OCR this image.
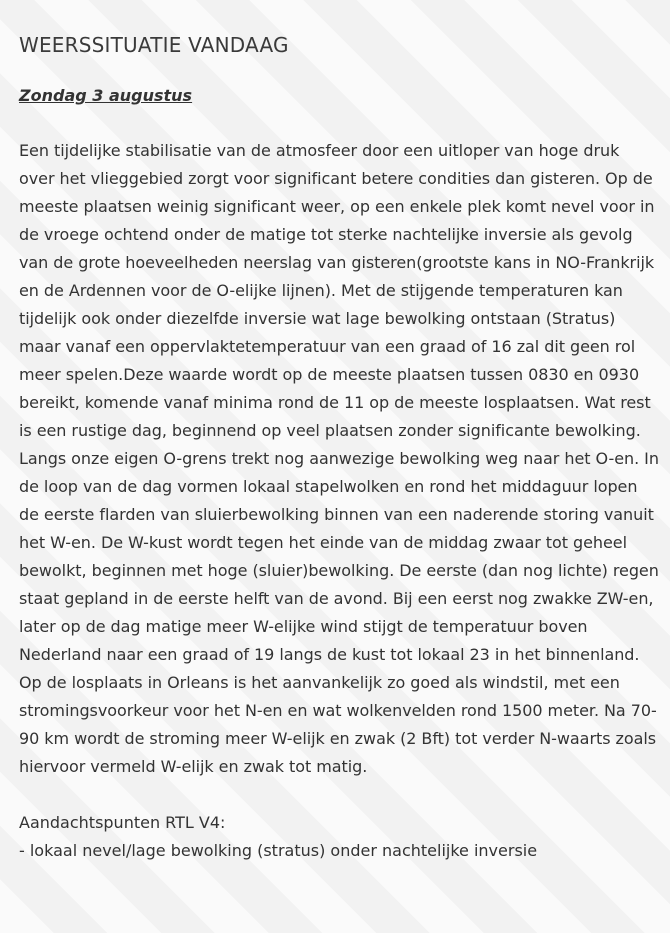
WEERSSITUATIE VANDAAG

Zondag 3 augustus

Een tijdelijke stabilisatie van de atmosfeer door een uitloper van hoge druk over het vlieggebied zorgt voor significant betere condities dan gisteren. Op de meeste plaatsen weinig significant weer, op een enkele plek komt nevel voor in de vroege ochtend onder de matige tot sterke nachtelijke inversie als gevolg van de grote hoeveelheden neerslag van gisteren(grootste kans in NO-Frankrijk en de Ardennen voor de O-elijke lijnen). Met de stijgende temperaturen kan tijdelijk ook onder diezelfde inversie wat lage bewolking ontstaan (Stratus) maar vanaf een oppervlaktetemperatuur van een graad of 16 zal dit geen rol meer spelen.Deze waarde wordt op de meeste plaatsen tussen 0830 en 0930 bereikt, komende vanaf minima rond de 11 op de meeste losplaatsen. Wat rest is een rustige dag, beginnend op veel plaatsen zonder significante bewolking. Langs onze eigen O-grens trekt nog aanwezige bewolking weg naar het O-en. In de loop van de dag vormen lokaal stapelwolken en rond het middaguur lopen de eerste flarden van sluierbewolking binnen van een naderende storing vanuit het W-en. De W-kust wordt tegen het einde van de middag zwaar tot geheel bewolkt, beginnen met hoge (sluier)bewolking. De eerste (dan nog lichte) regen staat gepland in de eerste helft van de avond. Bij een eerst nog zwakke ZW-en, later op de dag matige meer W-elijke wind stijgt de temperatuur boven Nederland naar een graad of 19 langs de kust tot lokaal 23 in het binnenland. Op de losplaats in Orleans is het aanvankelijk zo goed als windstil, met een stromingsvoorkeur voor het N-en en wat wolkenvelden rond 1500 meter. Na 70-90 km wordt de stroming meer W-elijk en zwak (2 Bft) tot verder N-waarts zoals hiervoor vermeld W-elijk en zwak tot matig.

Aandachtspunten RTL V4:
- lokaal nevel/lage bewolking (stratus) onder nachtelijke inversie
